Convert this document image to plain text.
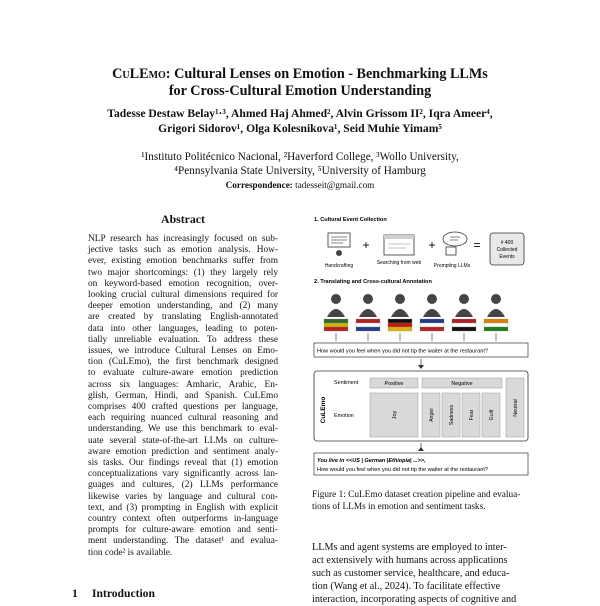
CuLEmo: Cultural Lenses on Emotion - Benchmarking LLMs
for Cross-Cultural Emotion Understanding
Tadesse Destaw Belay¹·³, Ahmed Haj Ahmed², Alvin Grissom II², Iqra Ameer⁴,
Grigori Sidorov¹, Olga Kolesnikova¹, Seid Muhie Yimam⁵
¹Instituto Politécnico Nacional, ²Haverford College, ³Wollo University,
⁴Pennsylvania State University, ⁵University of Hamburg
Correspondence: tadesseit@gmail.com
Abstract
NLP research has increasingly focused on sub-
jective tasks such as emotion analysis. How-
ever, existing emotion benchmarks suffer from
two major shortcomings: (1) they largely rely
on keyword-based emotion recognition, over-
looking crucial cultural dimensions required for
deeper emotion understanding, and (2) many
are created by translating English-annotated
data into other languages, leading to poten-
tially unreliable evaluation. To address these
issues, we introduce Cultural Lenses on Emo-
tion (CuLEmo), the first benchmark designed
to evaluate culture-aware emotion prediction
across six languages: Amharic, Arabic, En-
glish, German, Hindi, and Spanish. CuLEmo
comprises 400 crafted questions per language,
each requiring nuanced cultural reasoning and
understanding. We use this benchmark to eval-
uate several state-of-the-art LLMs on culture-
aware emotion prediction and sentiment analy-
sis tasks. Our findings reveal that (1) emotion
conceptualizations vary significantly across lan-
guages and cultures, (2) LLMs performance
likewise varies by language and cultural con-
text, and (3) prompting in English with explicit
country context often outperforms in-language
prompts for culture-aware emotion and senti-
ment understanding. The dataset¹ and evalua-
tion code² is available.
1 Introduction
1. Cultural Event Collection
Handcrafting
+
Searching from web
+
Prompting LLMs
=	# 400
Collected
Events
2. Translating and Cross-cultural Annotation
How would you feel when you did not tip the waiter at the restaurant?
CuLEmo
Sentiment	Positive	Negative
Emotion	Joy	Anger	Sadness	Fear	Guilt	Neutral
You live in <<US | German |Ethiopia| ...>>,
How would you feel when you did not tip the waiter at the restaurant?
Figure 1: CuLEmo dataset creation pipeline and evalua-
tions of LLMs in emotion and sentiment tasks.
LLMs and agent systems are employed to inter-
act extensively with humans across applications
such as customer service, healthcare, and educa-
tion (Wang et al., 2024). To facilitate effective
interaction, incorporating aspects of cognitive and
